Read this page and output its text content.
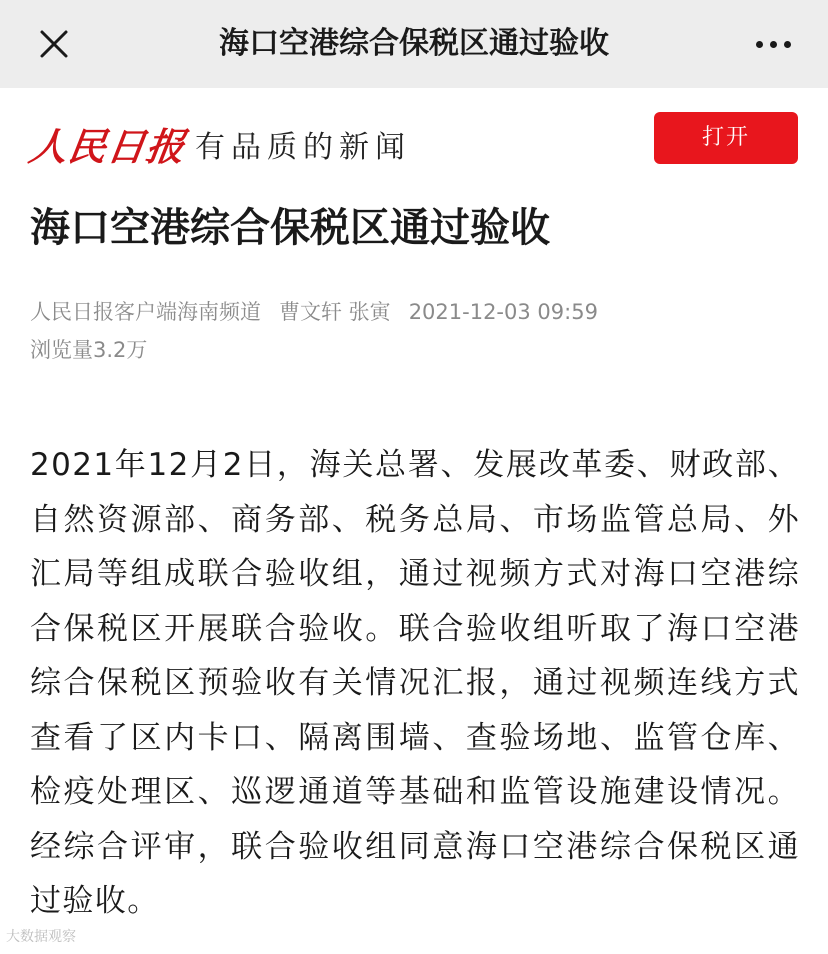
海口空港综合保税区通过验收
人民日报 有品质的新闻	打开
海口空港综合保税区通过验收
人民日报客户端海南频道 曹文轩 张寅 2021-12-03 09:59
浏览量3.2万

2021年12月2日，海关总署、发展改革委、财政部、自然资源部、商务部、税务总局、市场监管总局、外汇局等组成联合验收组，通过视频方式对海口空港综合保税区开展联合验收。联合验收组听取了海口空港综合保税区预验收有关情况汇报，通过视频连线方式查看了区内卡口、隔离围墙、查验场地、监管仓库、检疫处理区、巡逻通道等基础和监管设施建设情况。经综合评审，联合验收组同意海口空港综合保税区通过验收。

大数据观察
